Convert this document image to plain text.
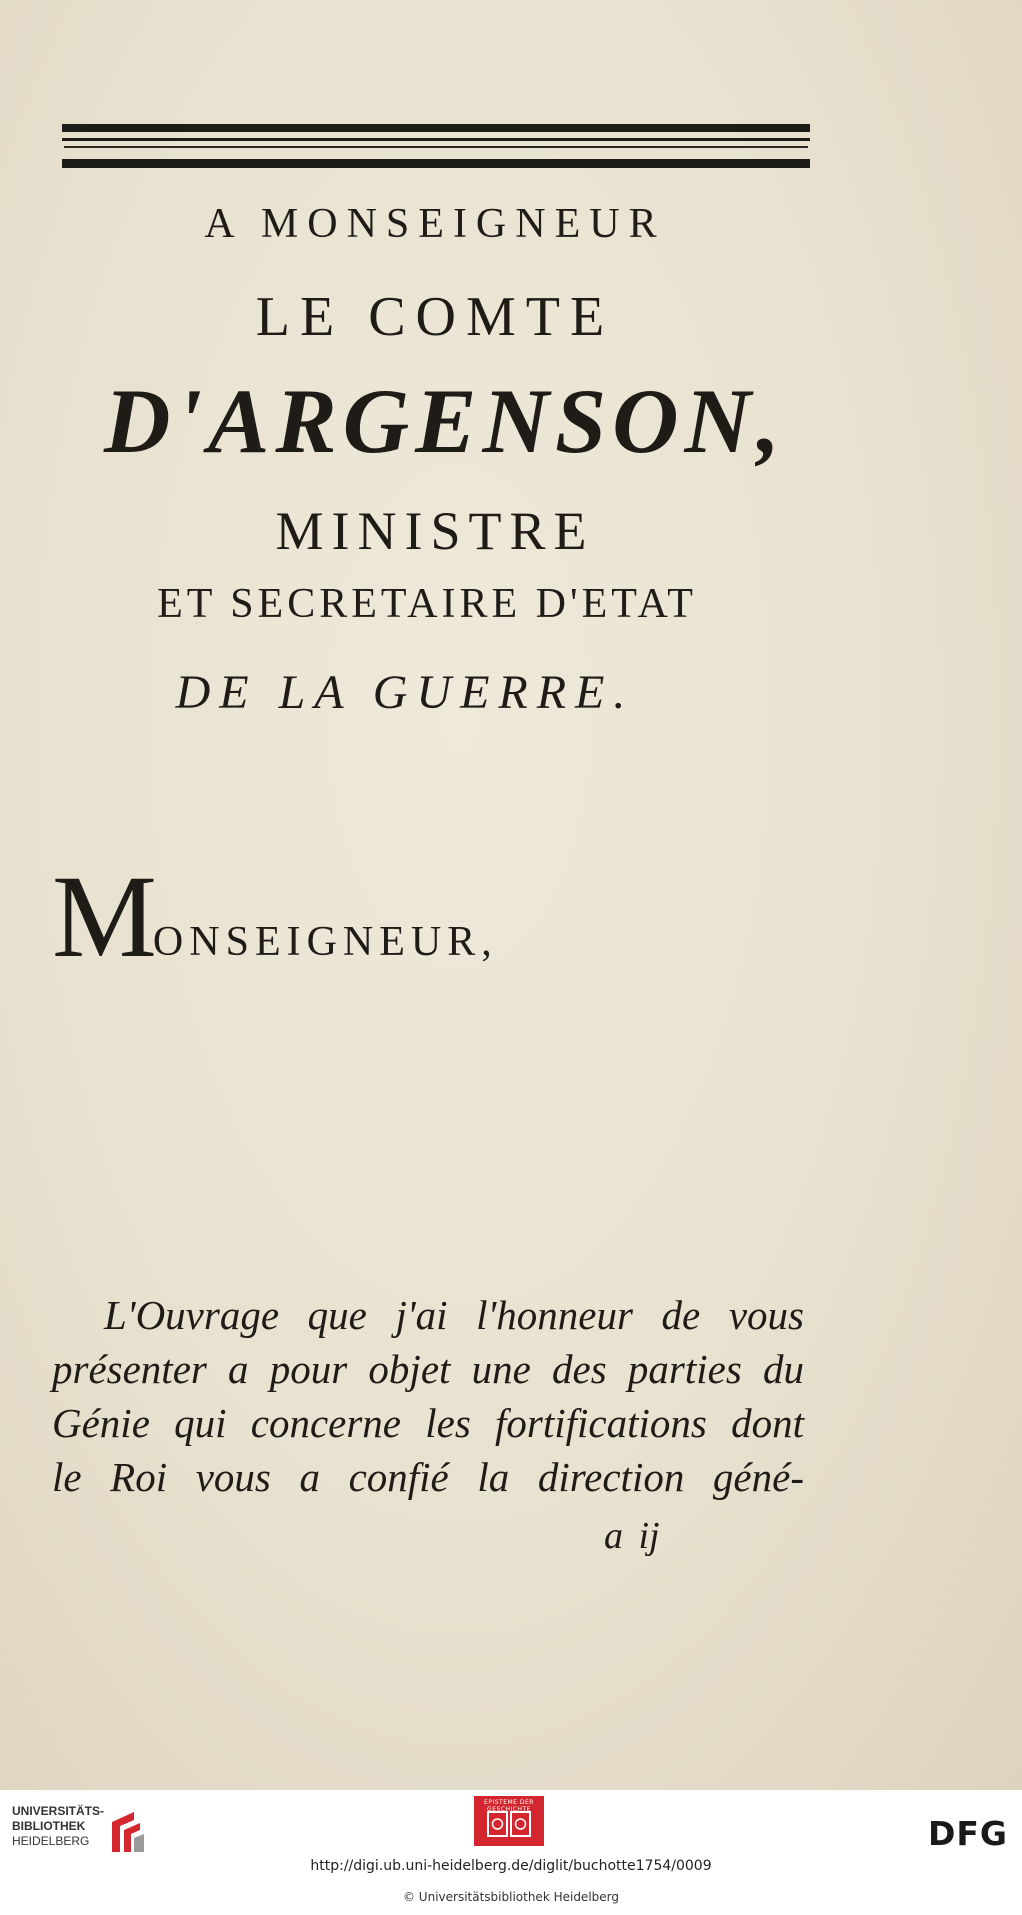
A MONSEIGNEUR
LE COMTE
D'ARGENSON,
MINISTRE
ET SECRETAIRE D'ETAT
DE LA GUERRE.
MONSEIGNEUR,
L'Ouvrage que j'ai l'honneur de vous
présenter a pour objet une des parties du
Génie qui concerne les fortifications dont
le Roi vous a confié la direction géné-
a ij
UNIVERSITÄTS-
BIBLIOTHEK
HEIDELBERG
EPISTEME DER GESCHICHTE
DFG
http://digi.ub.uni-heidelberg.de/diglit/buchotte1754/0009
© Universitätsbibliothek Heidelberg
